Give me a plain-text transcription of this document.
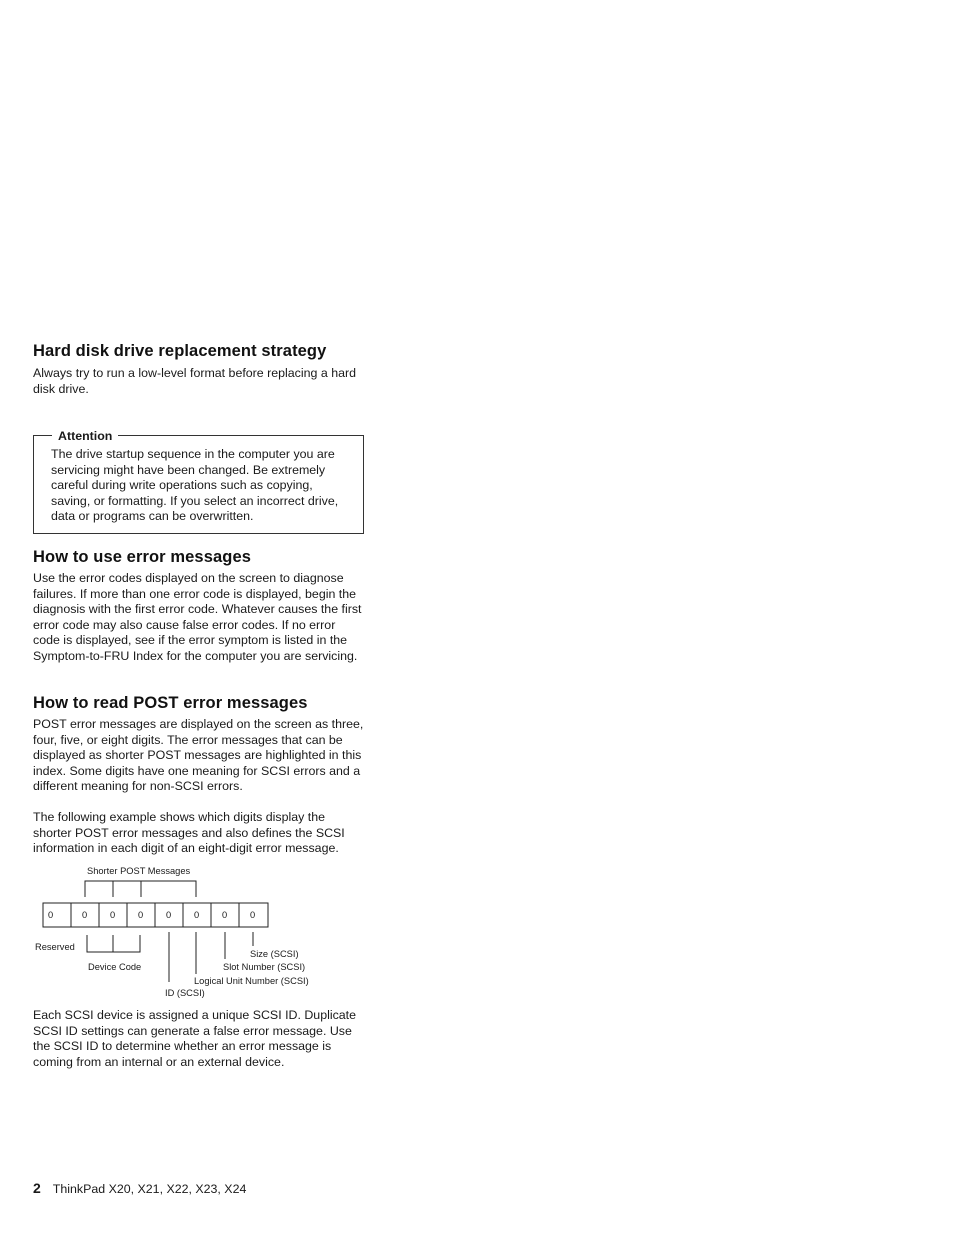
Hard disk drive replacement strategy

Always try to run a low-level format before replacing a hard disk drive.

Attention

The drive startup sequence in the computer you are servicing might have been changed. Be extremely careful during write operations such as copying, saving, or formatting. If you select an incorrect drive, data or programs can be overwritten.

How to use error messages

Use the error codes displayed on the screen to diagnose failures. If more than one error code is displayed, begin the diagnosis with the first error code. Whatever causes the first error code may also cause false error codes. If no error code is displayed, see if the error symptom is listed in the Symptom-to-FRU Index for the computer you are servicing.

How to read POST error messages

POST error messages are displayed on the screen as three, four, five, or eight digits. The error messages that can be displayed as shorter POST messages are highlighted in this index. Some digits have one meaning for SCSI errors and a different meaning for non-SCSI errors.

The following example shows which digits display the shorter POST error messages and also defines the SCSI information in each digit of an eight-digit error message.

Shorter POST Messages
0	0 0 0 0 0 0 0
Reserved
Size (SCSI)
Device Code	Slot Number (SCSI)
Logical Unit Number (SCSI)
ID (SCSI)

Each SCSI device is assigned a unique SCSI ID. Duplicate SCSI ID settings can generate a false error message. Use the SCSI ID to determine whether an error message is coming from an internal or an external device.

2 ThinkPad X20, X21, X22, X23, X24
